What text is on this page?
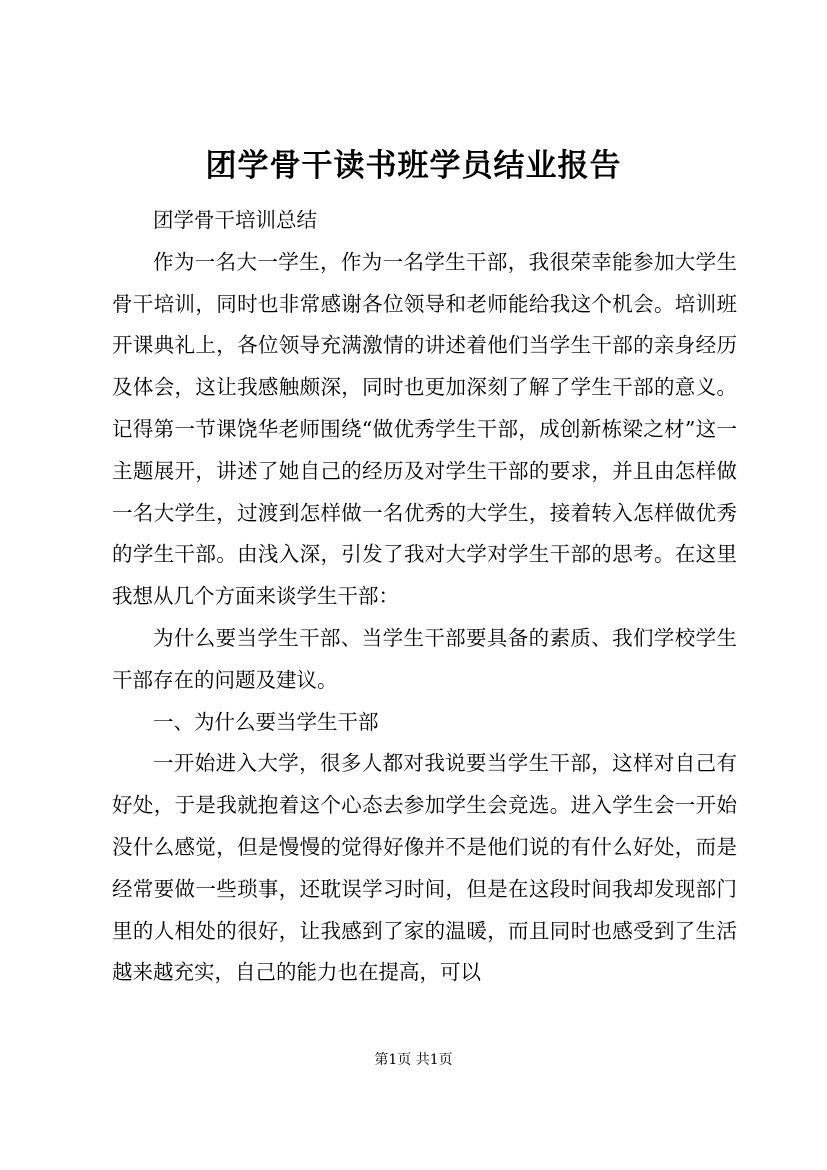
团学骨干读书班学员结业报告

团学骨干培训总结

作为一名大一学生，作为一名学生干部，我很荣幸能参加大学生骨干培训，同时也非常感谢各位领导和老师能给我这个机会。培训班开课典礼上，各位领导充满激情的讲述着他们当学生干部的亲身经历及体会，这让我感触颇深，同时也更加深刻了解了学生干部的意义。记得第一节课饶华老师围绕“做优秀学生干部，成创新栋梁之材”这一主题展开，讲述了她自己的经历及对学生干部的要求，并且由怎样做一名大学生，过渡到怎样做一名优秀的大学生，接着转入怎样做优秀的学生干部。由浅入深，引发了我对大学对学生干部的思考。在这里我想从几个方面来谈学生干部：

为什么要当学生干部、当学生干部要具备的素质、我们学校学生干部存在的问题及建议。

一、为什么要当学生干部

一开始进入大学，很多人都对我说要当学生干部，这样对自己有好处，于是我就抱着这个心态去参加学生会竞选。进入学生会一开始没什么感觉，但是慢慢的觉得好像并不是他们说的有什么好处，而是经常要做一些琐事，还耽误学习时间，但是在这段时间我却发现部门里的人相处的很好，让我感到了家的温暖，而且同时也感受到了生活越来越充实，自己的能力也在提高，可以

第1页 共1页
